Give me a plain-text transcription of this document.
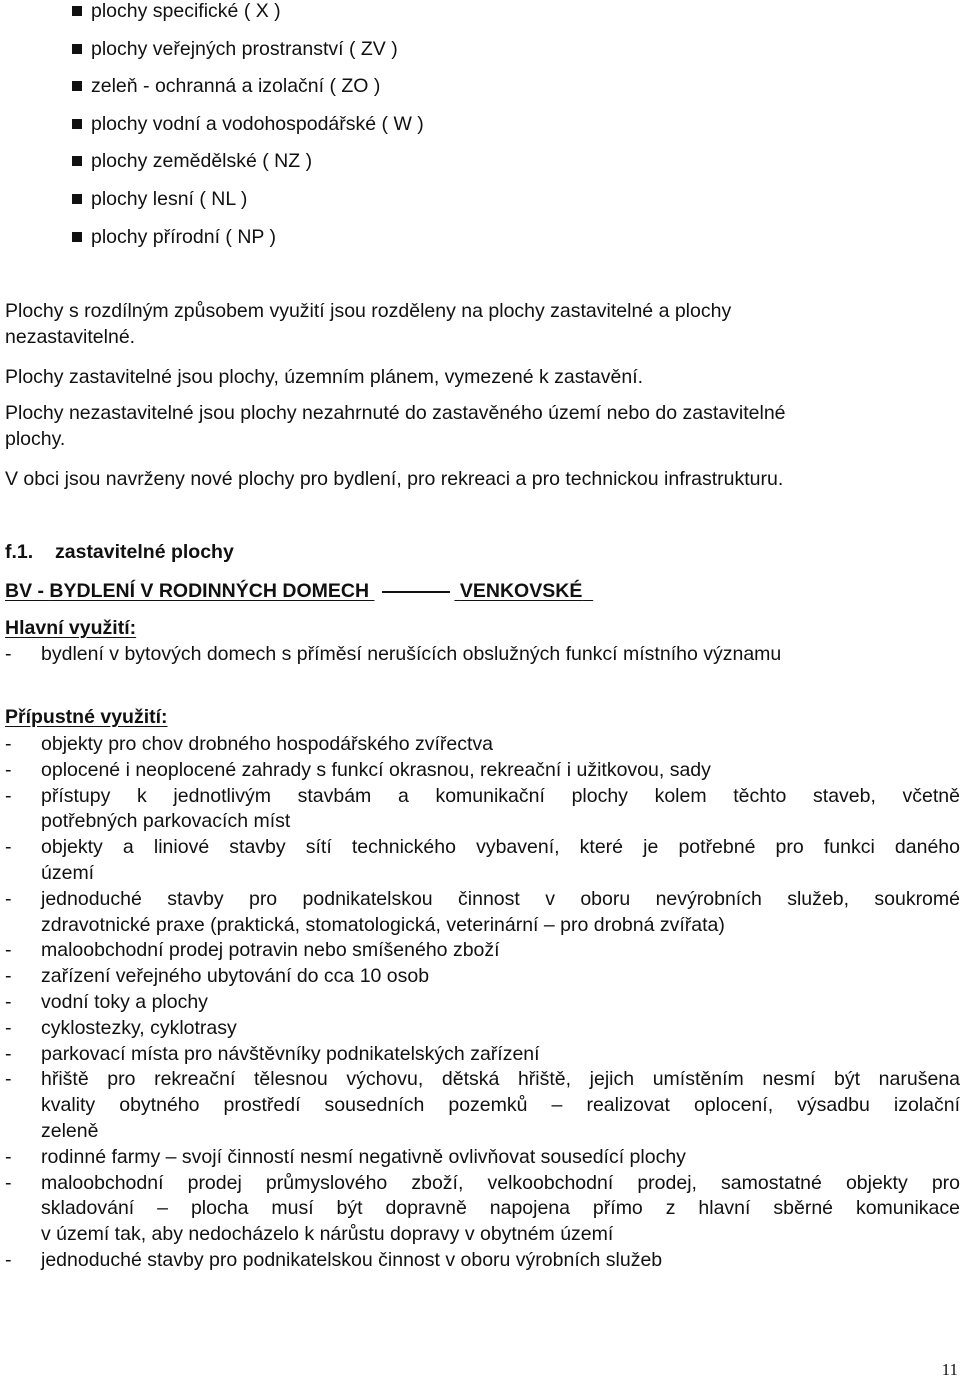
plochy specifické ( X )
plochy veřejných prostranství ( ZV )
zeleň - ochranná a izolační ( ZO )
plochy vodní a vodohospodářské ( W )
plochy zemědělské ( NZ )
plochy lesní ( NL )
plochy přírodní ( NP )
Plochy s rozdílným způsobem využití jsou rozděleny na plochy zastavitelné a plochy
nezastavitelné.
Plochy zastavitelné jsou plochy, územním plánem, vymezené k zastavění.
Plochy nezastavitelné jsou plochy nezahrnuté do zastavěného území nebo do zastavitelné
plochy.
V obci jsou navrženy nové plochy pro bydlení, pro rekreaci a pro technickou infrastrukturu.
f.1. zastavitelné plochy
BV - BYDLENÍ V RODINNÝCH DOMECH	VENKOVSKÉ
Hlavní využití:
- bydlení v bytových domech s příměsí nerušících obslužných funkcí místního významu
Přípustné využití:
- objekty pro chov drobného hospodářského zvířectva
- oplocené i neoplocené zahrady s funkcí okrasnou, rekreační i užitkovou, sady
- přístupy k jednotlivým stavbám a komunikační plochy kolem těchto staveb, včetně
potřebných parkovacích míst
- objekty a liniové stavby sítí technického vybavení, které je potřebné pro funkci daného
území
- jednoduché stavby pro podnikatelskou činnost v oboru nevýrobních služeb, soukromé
zdravotnické praxe (praktická, stomatologická, veterinární – pro drobná zvířata)
- maloobchodní prodej potravin nebo smíšeného zboží
- zařízení veřejného ubytování do cca 10 osob
- vodní toky a plochy
- cyklostezky, cyklotrasy
- parkovací místa pro návštěvníky podnikatelských zařízení
- hřiště pro rekreační tělesnou výchovu, dětská hřiště, jejich umístěním nesmí být narušena
kvality obytného prostředí sousedních pozemků – realizovat oplocení, výsadbu izolační
zeleně
- rodinné farmy – svojí činností nesmí negativně ovlivňovat sousedící plochy
- maloobchodní prodej průmyslového zboží, velkoobchodní prodej, samostatné objekty pro
skladování – plocha musí být dopravně napojena přímo z hlavní sběrné komunikace
v území tak, aby nedocházelo k nárůstu dopravy v obytném území
- jednoduché stavby pro podnikatelskou činnost v oboru výrobních služeb
11
